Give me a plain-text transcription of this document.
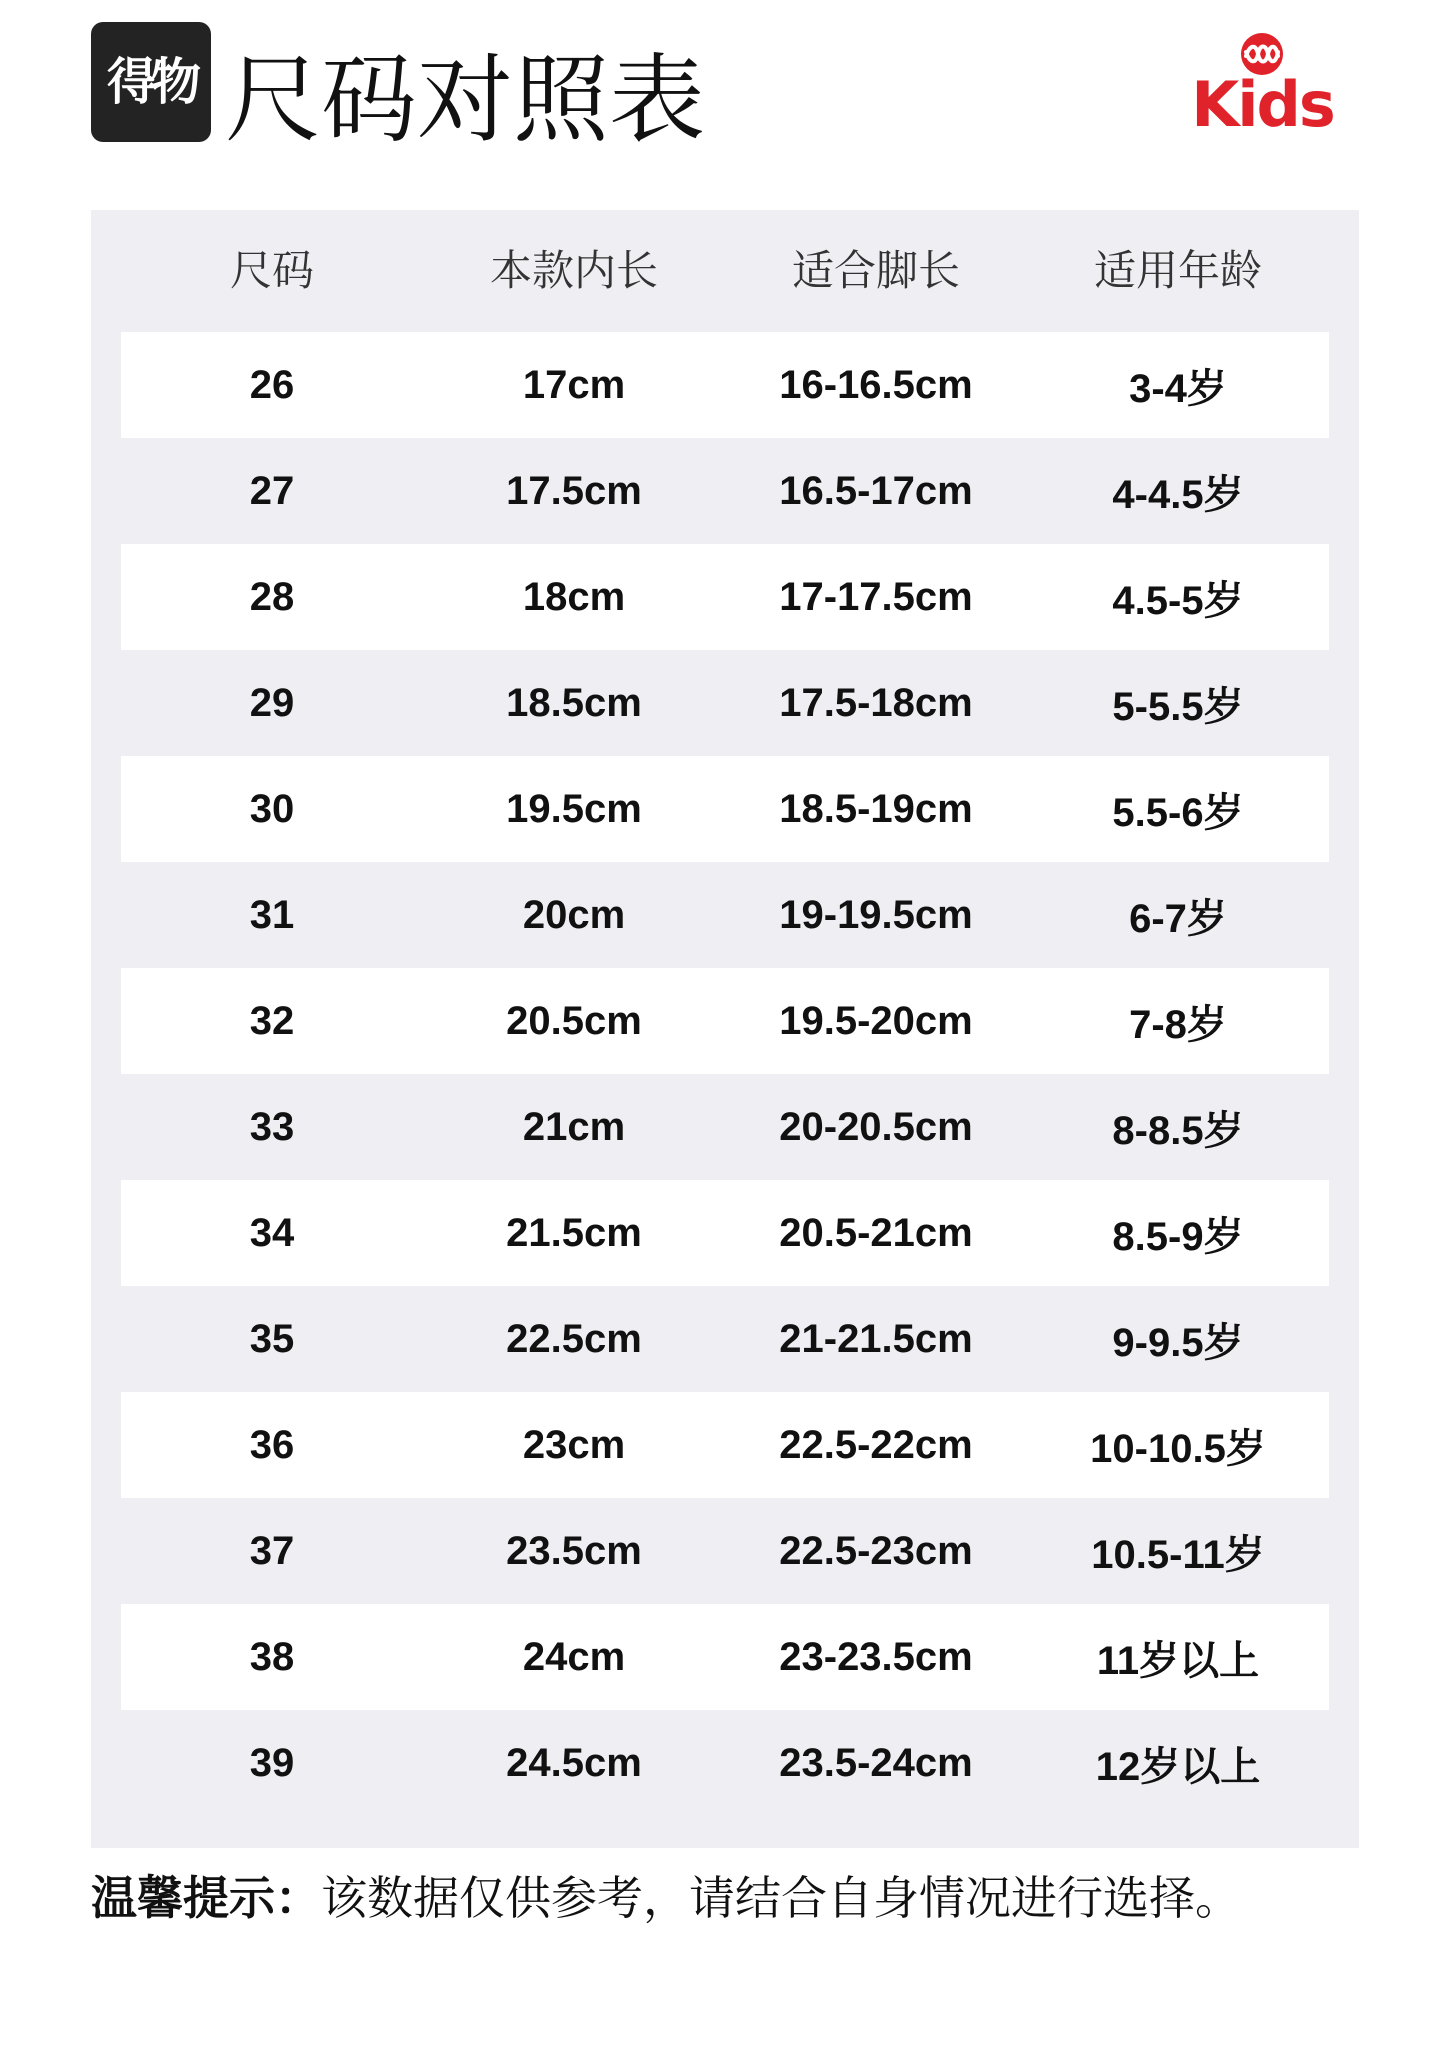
得物 尺码对照表	Kids
尺码	本款内长	适合脚长	适用年龄
26	17cm	16-16.5cm	3-4岁
27	17.5cm	16.5-17cm	4-4.5岁
28	18cm	17-17.5cm	4.5-5岁
29	18.5cm	17.5-18cm	5-5.5岁
30	19.5cm	18.5-19cm	5.5-6岁
31	20cm	19-19.5cm	6-7岁
32	20.5cm	19.5-20cm	7-8岁
33	21cm	20-20.5cm	8-8.5岁
34	21.5cm	20.5-21cm	8.5-9岁
35	22.5cm	21-21.5cm	9-9.5岁
36	23cm	22.5-22cm	10-10.5岁
37	23.5cm	22.5-23cm	10.5-11岁
38	24cm	23-23.5cm	11岁以上
39	24.5cm	23.5-24cm	12岁以上
温馨提示：该数据仅供参考，请结合自身情况进行选择。
